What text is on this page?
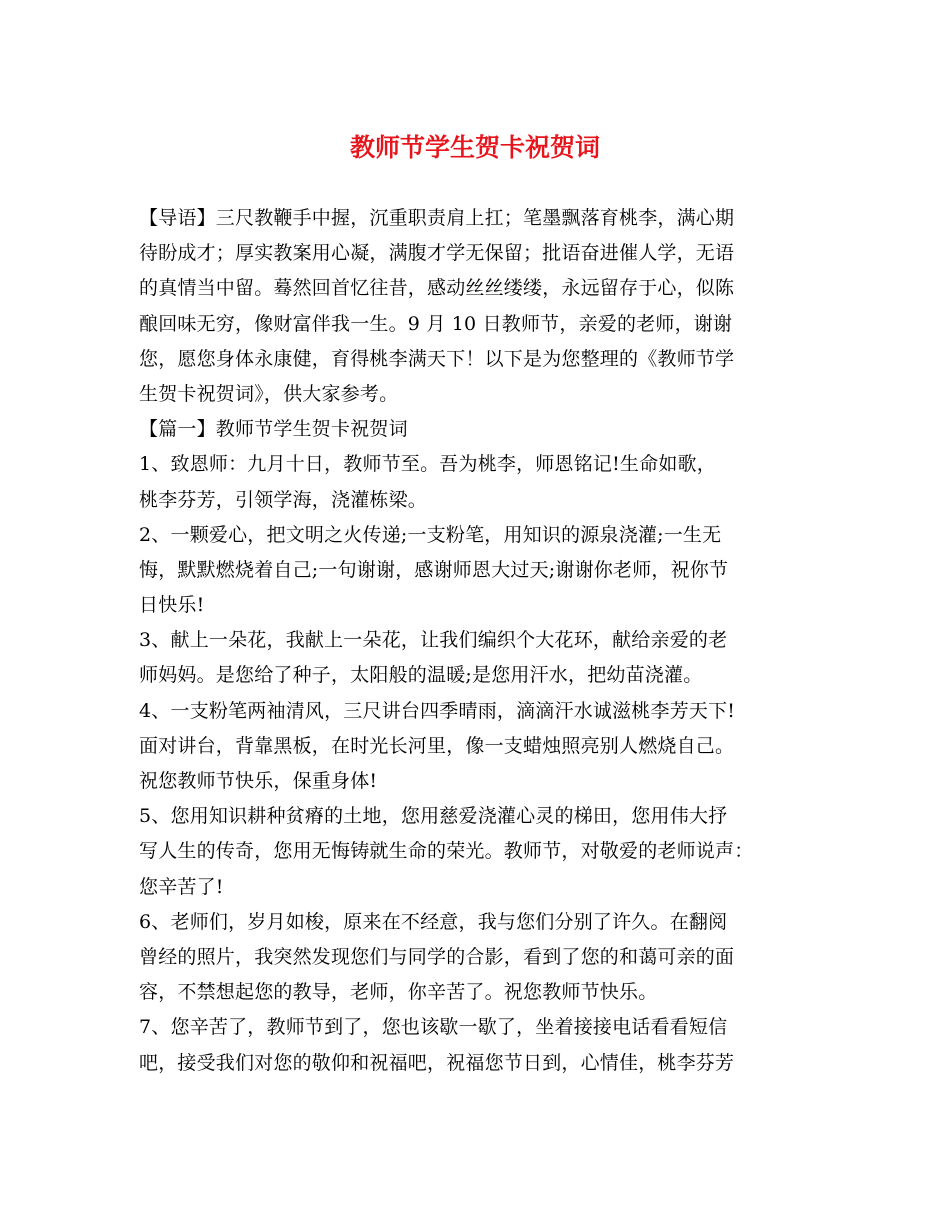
教师节学生贺卡祝贺词
【导语】三尺教鞭手中握，沉重职责肩上扛；笔墨飘落育桃李，满心期
待盼成才；厚实教案用心凝，满腹才学无保留；批语奋进催人学，无语
的真情当中留。蓦然回首忆往昔，感动丝丝缕缕，永远留存于心，似陈
酿回味无穷，像财富伴我一生。9 月 10 日教师节，亲爱的老师，谢谢
您，愿您身体永康健，育得桃李满天下！以下是为您整理的《教师节学
生贺卡祝贺词》，供大家参考。
【篇一】教师节学生贺卡祝贺词
1、致恩师：九月十日，教师节至。吾为桃李，师恩铭记!生命如歌，
桃李芬芳，引领学海，浇灌栋梁。
2、一颗爱心，把文明之火传递;一支粉笔，用知识的源泉浇灌;一生无
悔，默默燃烧着自己;一句谢谢，感谢师恩大过天;谢谢你老师，祝你节
日快乐!
3、献上一朵花，我献上一朵花，让我们编织个大花环，献给亲爱的老
师妈妈。是您给了种子，太阳般的温暖;是您用汗水，把幼苗浇灌。
4、一支粉笔两袖清风，三尺讲台四季晴雨，滴滴汗水诚滋桃李芳天下!
面对讲台，背靠黑板，在时光长河里，像一支蜡烛照亮别人燃烧自己。
祝您教师节快乐，保重身体!
5、您用知识耕种贫瘠的土地，您用慈爱浇灌心灵的梯田，您用伟大抒
写人生的传奇，您用无悔铸就生命的荣光。教师节，对敬爱的老师说声：
您辛苦了!
6、老师们，岁月如梭，原来在不经意，我与您们分别了许久。在翻阅
曾经的照片，我突然发现您们与同学的合影，看到了您的和蔼可亲的面
容，不禁想起您的教导，老师，你辛苦了。祝您教师节快乐。
7、您辛苦了，教师节到了，您也该歇一歇了，坐着接接电话看看短信
吧，接受我们对您的敬仰和祝福吧，祝福您节日到，心情佳，桃李芬芳
